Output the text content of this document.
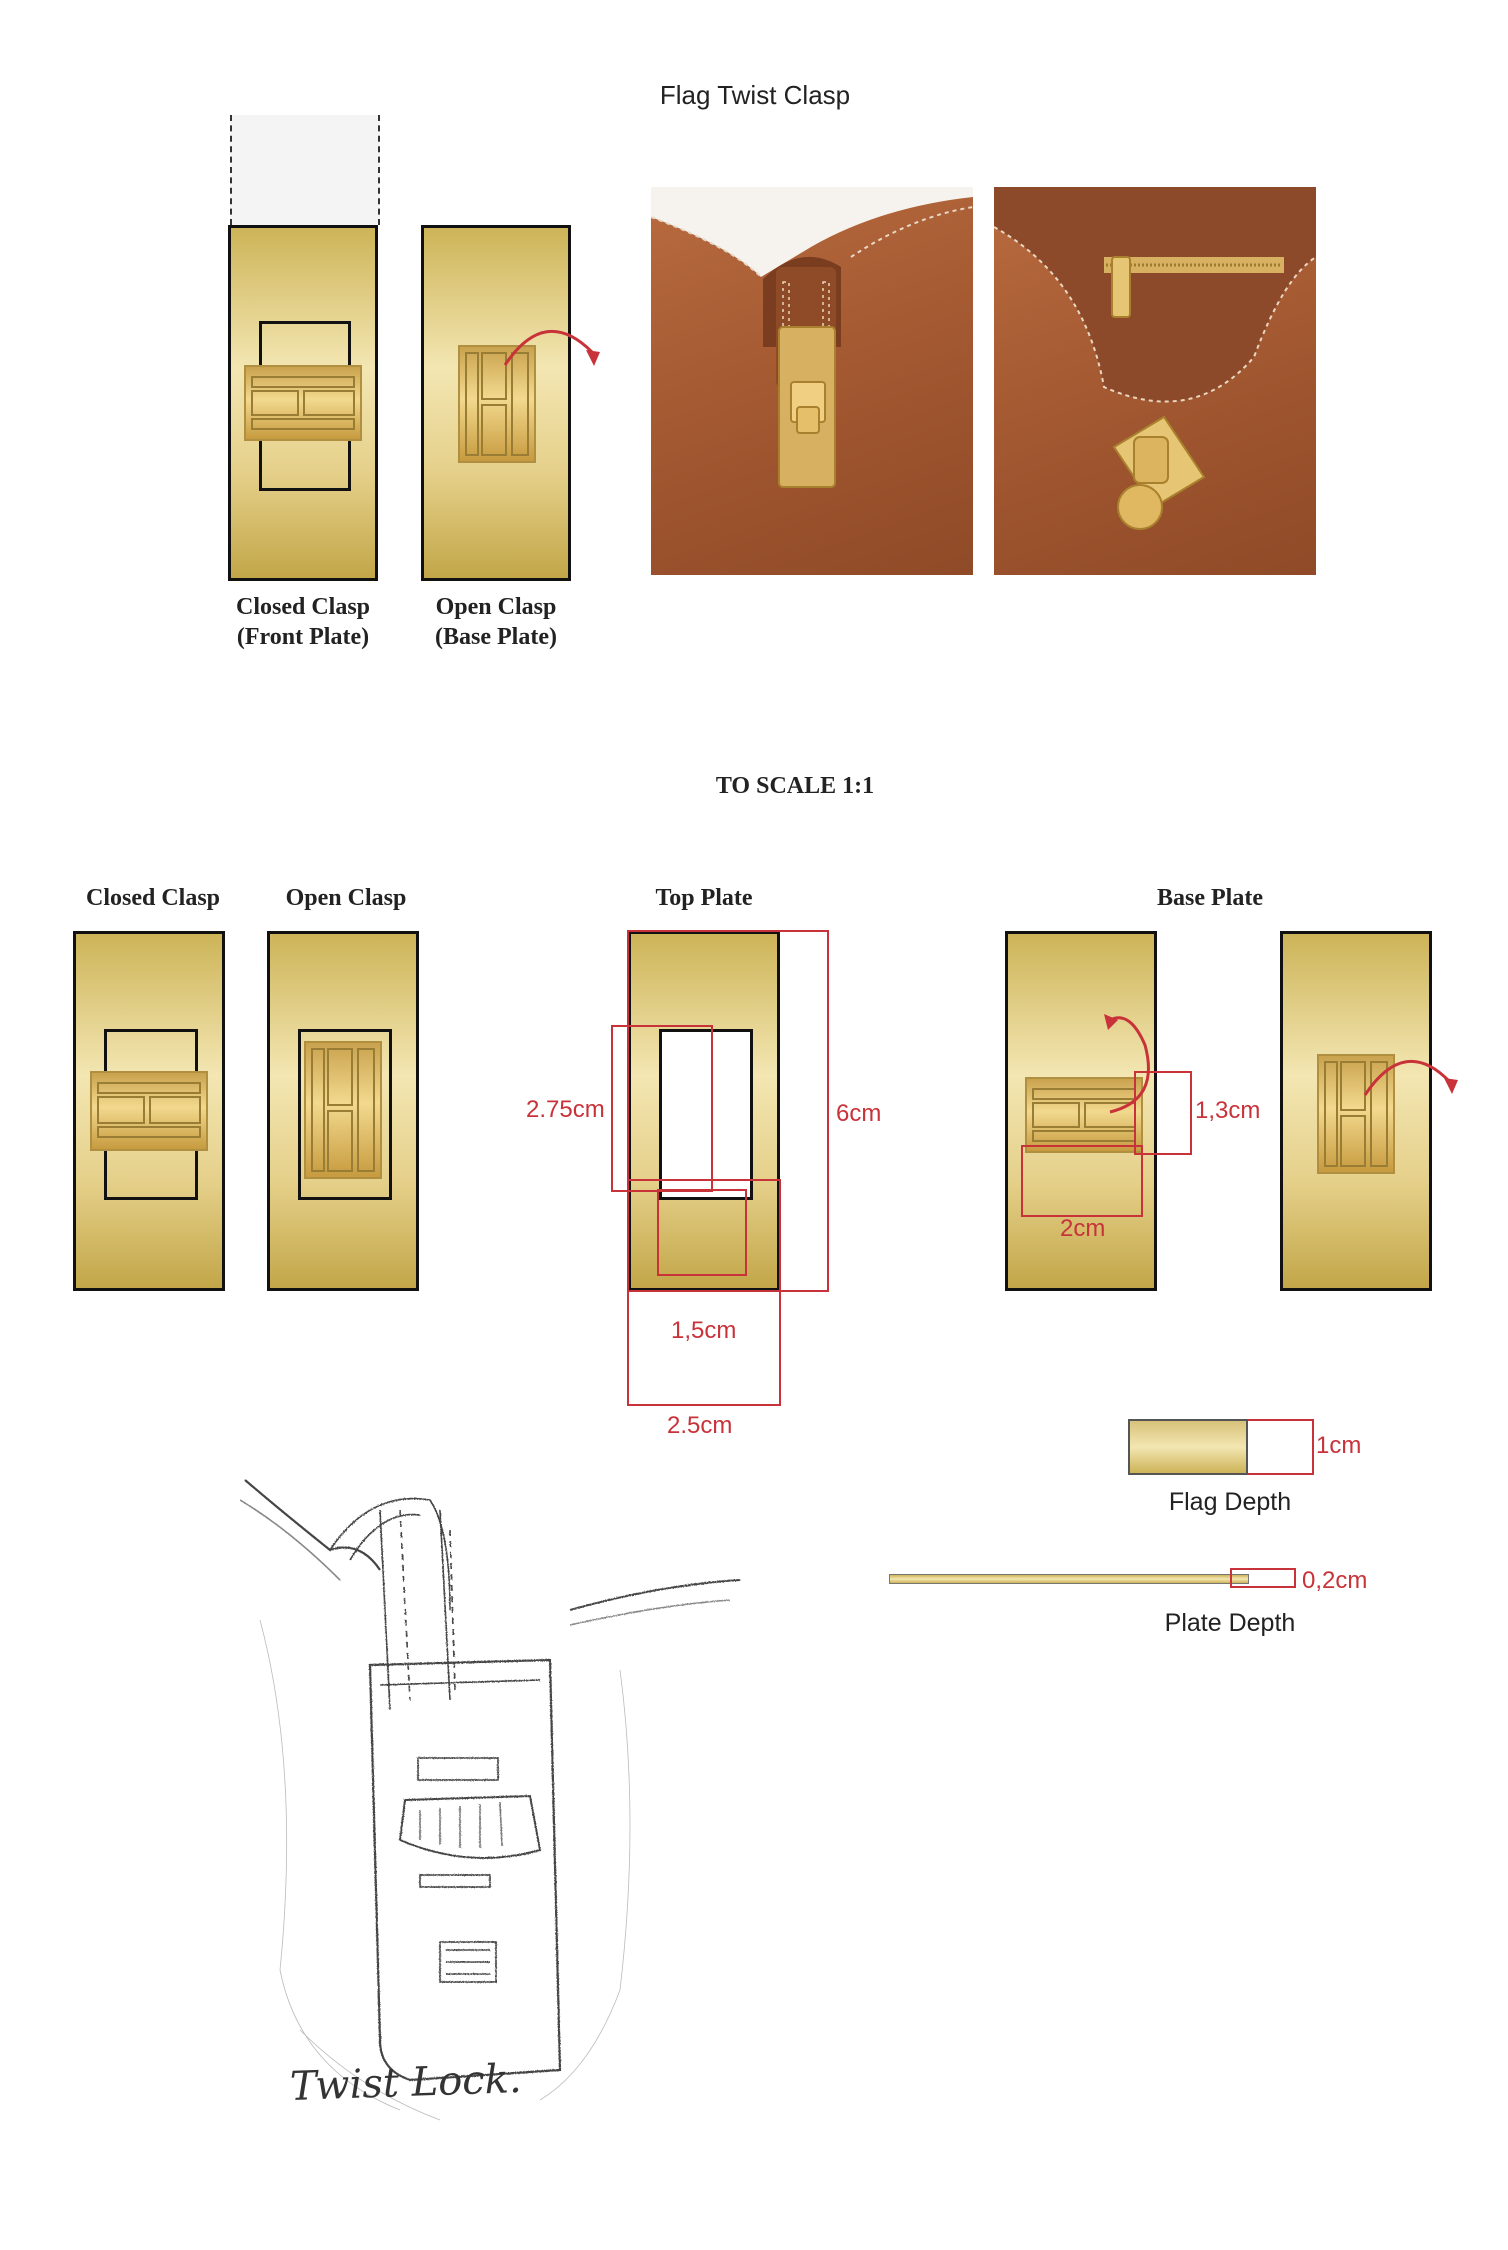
Flag Twist Clasp
Closed Clasp
(Front Plate)
Open Clasp
(Base Plate)
TO SCALE 1:1
Closed Clasp	Open Clasp	Top Plate	Base Plate
2.75cm	6cm
1,5cm
2.5cm
1,3cm
2cm
1cm
Flag Depth
0,2cm
Plate Depth
Twist Lock.
